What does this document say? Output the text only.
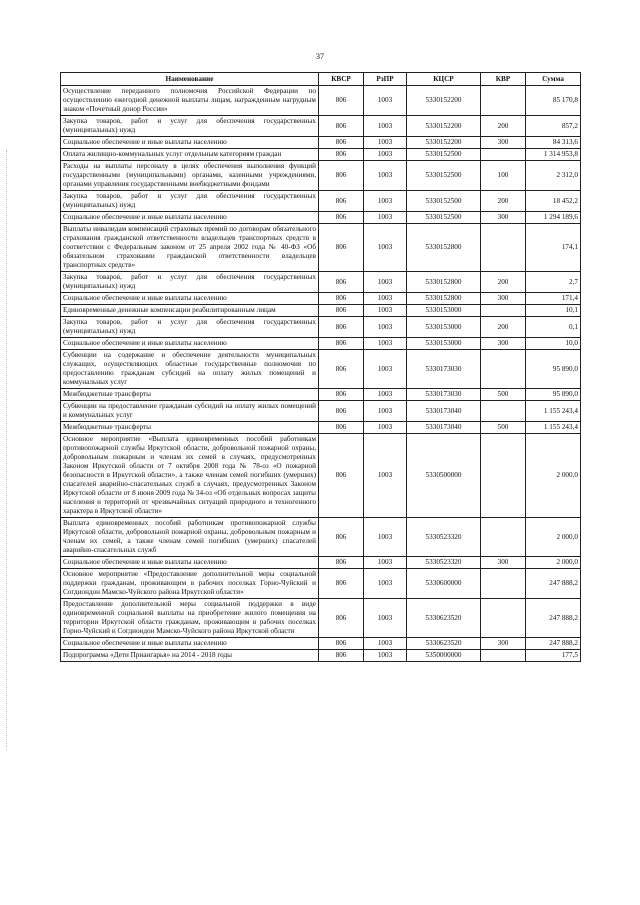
37
Наименование	КВСР	РзПР	КЦСР	КВР	Сумма
Осуществление переданного полномочия Российской Федерации по осуществлению ежегодной денежной выплаты лицам, награжденным нагрудным знаком «Почетный донор России»	806	1003	5330152200		85 170,8
Закупка товаров, работ и услуг для обеспечения государственных (муниципальных) нужд	806	1003	5330152200	200	857,2
Социальное обеспечение и иные выплаты населению	806	1003	5330152200	300	84 313,6
Оплата жилищно-коммунальных услуг отдельным категориям граждан	806	1003	5330152500		1 314 953,8
Расходы на выплаты персоналу в целях обеспечения выполнения функций государственными (муниципальными) органами, казенными учреждениями, органами управления государственными внебюджетными фондами	806	1003	5330152500	100	2 312,0
Закупка товаров, работ и услуг для обеспечения государственных (муниципальных) нужд	806	1003	5330152500	200	18 452,2
Социальное обеспечение и иные выплаты населению	806	1003	5330152500	300	1 294 189,6
Выплаты инвалидам компенсаций страховых премий по договорам обязательного страхования гражданской ответственности владельцев транспортных средств в соответствии с Федеральным законом от 25 апреля 2002 года № 40-ФЗ «Об обязательном страховании гражданской ответственности владельцев транспортных средств»	806	1003	5330152800		174,1
Закупка товаров, работ и услуг для обеспечения государственных (муниципальных) нужд	806	1003	5330152800	200	2,7
Социальное обеспечение и иные выплаты населению	806	1003	5330152800	300	171,4
Единовременные денежные компенсации реабилитированным лицам	806	1003	5330153000		10,1
Закупка товаров, работ и услуг для обеспечения государственных (муниципальных) нужд	806	1003	5330153000	200	0,1
Социальное обеспечение и иные выплаты населению	806	1003	5330153000	300	10,0
Субвенции на содержание и обеспечение деятельности муниципальных служащих, осуществляющих областные государственные полномочия по предоставлению гражданам субсидий на оплату жилых помещений и коммунальных услуг	806	1003	5330173030		95 890,0
Межбюджетные трансферты	806	1003	5330173030	500	95 890,0
Субвенции на предоставление гражданам субсидий на оплату жилых помещений и коммунальных услуг	806	1003	5330173040		1 155 243,4
Межбюджетные трансферты	806	1003	5330173040	500	1 155 243,4
Основное мероприятие «Выплата единовременных пособий работникам противопожарной службы Иркутской области, добровольной пожарной охраны, добровольным пожарным и членам их семей в случаях, предусмотренных Законом Иркутской области от 7 октября 2008 года № 78-оз «О пожарной безопасности в Иркутской области», а также членам семей погибших (умерших) спасателей аварийно-спасательных служб в случаях, предусмотренных Законом Иркутской области от 8 июня 2009 года № 34-оз «Об отдельных вопросах защиты населения и территорий от чрезвычайных ситуаций природного и техногенного характера в Иркутской области»	806	1003	5330500000		2 000,0
Выплата единовременных пособий работникам противопожарной службы Иркутской области, добровольной пожарной охраны, добровольным пожарным и членам их семей, а также членам семей погибших (умерших) спасателей аварийно-спасательных служб	806	1003	5330523320		2 000,0
Социальное обеспечение и иные выплаты населению	806	1003	5330523320	300	2 000,0
Основное мероприятие «Предоставление дополнительной меры социальной поддержки гражданам, проживающим в рабочих поселках Горно-Чуйский и Согдиондон Мамско-Чуйского района Иркутской области»	806	1003	5330600000		247 888,2
Предоставление дополнительной меры социальной поддержки в виде единовременной социальной выплаты на приобретение жилого помещения на территории Иркутской области гражданам, проживающим в рабочих поселках Горно-Чуйский и Согдиондон Мамско-Чуйского района Иркутской области	806	1003	5330623520		247 888,2
Социальное обеспечение и иные выплаты населению	806	1003	5330623520	300	247 888,2
Подпрограмма «Дети Приангарья» на 2014 - 2018 годы	806	1003	5350000000		177,5
